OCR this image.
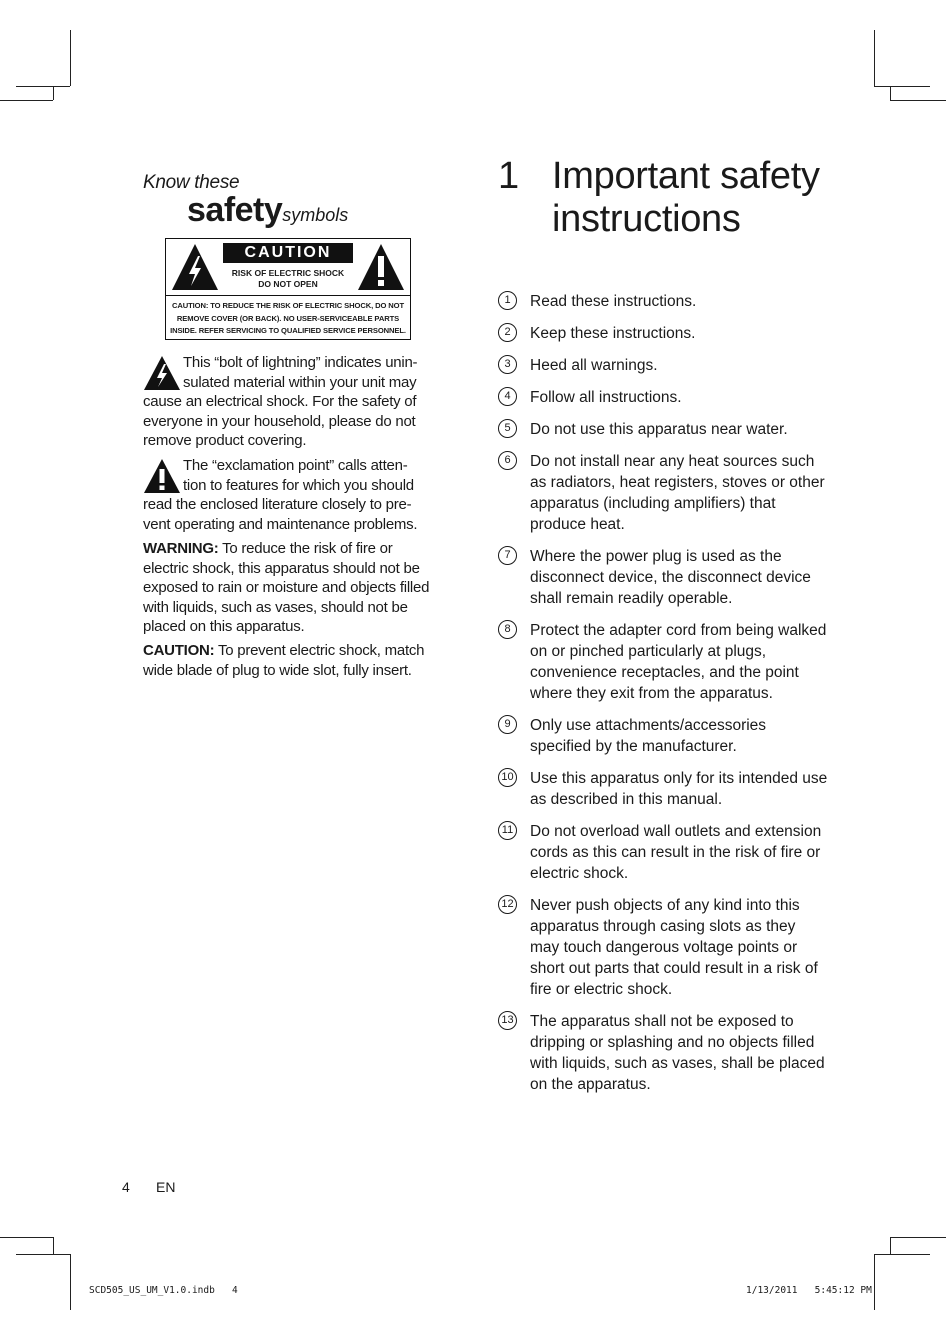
Know these
safetysymbols
CAUTION
RISK OF ELECTRIC SHOCK
DO NOT OPEN
CAUTION: TO REDUCE THE RISK OF ELECTRIC SHOCK, DO NOT
REMOVE COVER (OR BACK). NO USER-SERVICEABLE PARTS
INSIDE. REFER SERVICING TO QUALIFIED SERVICE PERSONNEL.
This “bolt of lightning” indicates unin-
sulated material within your unit may
cause an electrical shock. For the safety of everyone in your household, please do not remove product covering.
The “exclamation point” calls atten-
tion to features for which you should
read the enclosed literature closely to pre-vent operating and maintenance problems.
WARNING: To reduce the risk of fire or electric shock, this apparatus should not be exposed to rain or moisture and objects filled with liquids, such as vases, should not be placed on this apparatus.
CAUTION: To prevent electric shock, match wide blade of plug to wide slot, fully insert.
1 Important safety instructions
1	Read these instructions.
2	Keep these instructions.
3	Heed all warnings.
4	Follow all instructions.
5	Do not use this apparatus near water.
6	Do not install near any heat sources such as radiators, heat registers, stoves or other apparatus (including amplifiers) that produce heat.
7	Where the power plug is used as the disconnect device, the disconnect device shall remain readily operable.
8	Protect the adapter cord from being walked on or pinched particularly at plugs, convenience receptacles, and the point where they exit from the apparatus.
9	Only use attachments/accessories specified by the manufacturer.
10 Use this apparatus only for its intended use as described in this manual.
11 Do not overload wall outlets and extension cords as this can result in the risk of fire or electric shock.
12 Never push objects of any kind into this apparatus through casing slots as they may touch dangerous voltage points or short out parts that could result in a risk of fire or electric shock.
13 The apparatus shall not be exposed to dripping or splashing and no objects filled with liquids, such as vases, shall be placed on the apparatus.
4 EN
SCD505_US_UM_V1.0.indb   4	1/13/2011   5:45:12 PM
